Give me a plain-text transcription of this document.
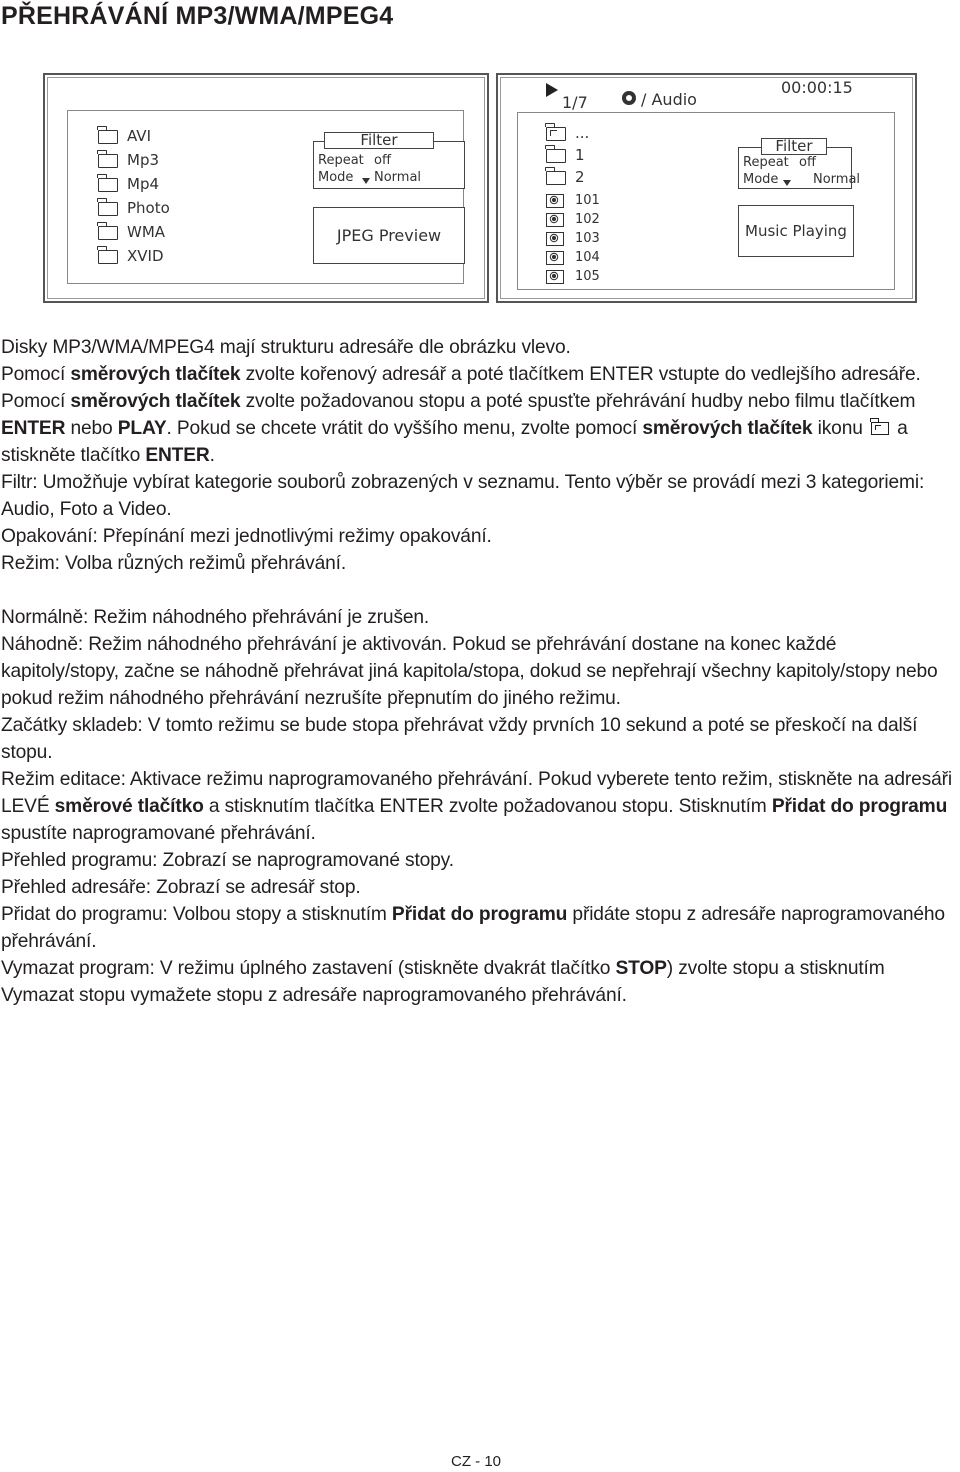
PŘEHRÁVÁNÍ MP3/WMA/MPEG4
AVI
Mp3
Mp4
Photo
WMA
XVID
Filter
Repeat off
Mode Normal
JPEG Preview
1/7	/ Audio
00:00:15
...
1
2
101
102
103
104
105
Filter
Repeat off
Mode	Normal
Music Playing

Disky MP3/WMA/MPEG4 mají strukturu adresáře dle obrázku vlevo.

Pomocí směrových tlačítek zvolte kořenový adresář a poté tlačítkem ENTER vstupte do vedlejšího adresáře. Pomocí směrových tlačítek zvolte požadovanou stopu a poté spusťte přehrávání hudby nebo filmu tlačítkem ENTER nebo PLAY. Pokud se chcete vrátit do vyššího menu, zvolte pomocí směrových tlačítek ikonu  a stiskněte tlačítko ENTER.

Filtr: Umožňuje vybírat kategorie souborů zobrazených v seznamu. Tento výběr se provádí mezi 3 kategoriemi: Audio, Foto a Video.

Opakování: Přepínání mezi jednotlivými režimy opakování.

Režim: Volba různých režimů přehrávání.

Normálně: Režim náhodného přehrávání je zrušen.

Náhodně: Režim náhodného přehrávání je aktivován. Pokud se přehrávání dostane na konec každé kapitoly/stopy, začne se náhodně přehrávat jiná kapitola/stopa, dokud se nepřehrají všechny kapitoly/stopy nebo pokud režim náhodného přehrávání nezrušíte přepnutím do jiného režimu.

Začátky skladeb: V tomto režimu se bude stopa přehrávat vždy prvních 10 sekund a poté se přeskočí na další stopu.

Režim editace: Aktivace režimu naprogramovaného přehrávání. Pokud vyberete tento režim, stiskněte na adresáři LEVÉ směrové tlačítko a stisknutím tlačítka ENTER zvolte požadovanou stopu. Stisknutím Přidat do programu spustíte naprogramované přehrávání.

Přehled programu: Zobrazí se naprogramované stopy.

Přehled adresáře: Zobrazí se adresář stop.

Přidat do programu: Volbou stopy a stisknutím Přidat do programu přidáte stopu z adresáře naprogramovaného přehrávání.

Vymazat program: V režimu úplného zastavení (stiskněte dvakrát tlačítko STOP) zvolte stopu a stisknutím Vymazat stopu vymažete stopu z adresáře naprogramovaného přehrávání.

CZ - 10
